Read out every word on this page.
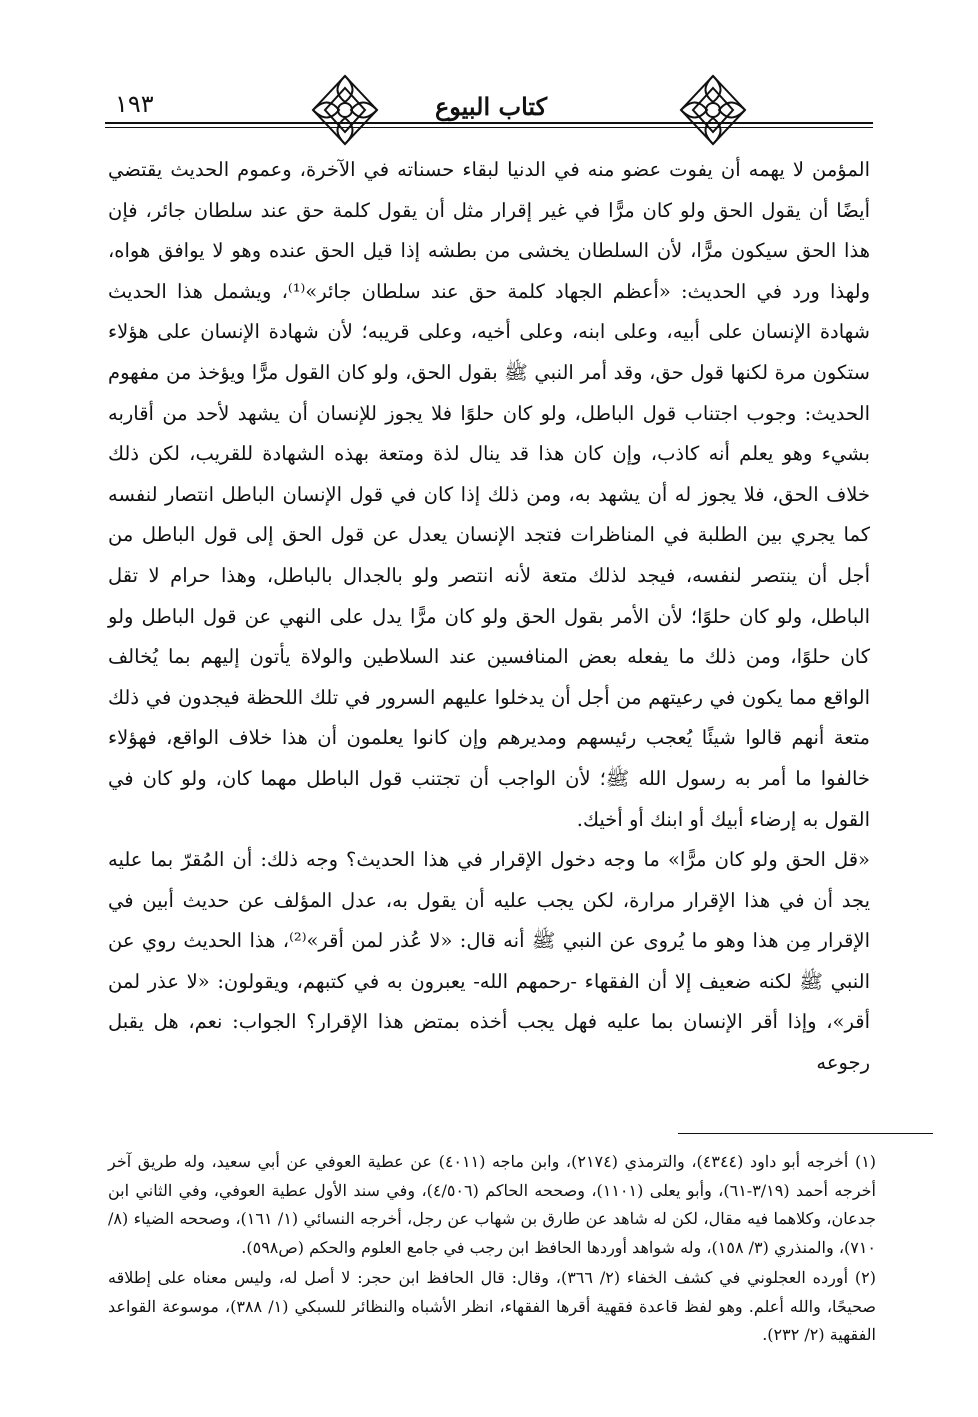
١٩٣	كتاب البيوع

المؤمن لا يهمه أن يفوت عضو منه في الدنيا لبقاء حسناته في الآخرة، وعموم الحديث يقتضي أيضًا أن يقول الحق ولو كان مرًّا في غير إقرار مثل أن يقول كلمة حق عند سلطان جائر، فإن هذا الحق سيكون مرًّا، لأن السلطان يخشى من بطشه إذا قيل الحق عنده وهو لا يوافق هواه، ولهذا ورد في الحديث: «أعظم الجهاد كلمة حق عند سلطان جائر»⁽¹⁾، ويشمل هذا الحديث شهادة الإنسان على أبيه، وعلى ابنه، وعلى أخيه، وعلى قريبه؛ لأن شهادة الإنسان على هؤلاء ستكون مرة لكنها قول حق، وقد أمر النبي ﷺ بقول الحق، ولو كان القول مرًّا ويؤخذ من مفهوم الحديث: وجوب اجتناب قول الباطل، ولو كان حلوًا فلا يجوز للإنسان أن يشهد لأحد من أقاربه بشيء وهو يعلم أنه كاذب، وإن كان هذا قد ينال لذة ومتعة بهذه الشهادة للقريب، لكن ذلك خلاف الحق، فلا يجوز له أن يشهد به، ومن ذلك إذا كان في قول الإنسان الباطل انتصار لنفسه كما يجري بين الطلبة في المناظرات فتجد الإنسان يعدل عن قول الحق إلى قول الباطل من أجل أن ينتصر لنفسه، فيجد لذلك متعة لأنه انتصر ولو بالجدال بالباطل، وهذا حرام لا تقل الباطل، ولو كان حلوًا؛ لأن الأمر بقول الحق ولو كان مرًّا يدل على النهي عن قول الباطل ولو كان حلوًا، ومن ذلك ما يفعله بعض المنافسين عند السلاطين والولاة يأتون إليهم بما يُخالف الواقع مما يكون في رعيتهم من أجل أن يدخلوا عليهم السرور في تلك اللحظة فيجدون في ذلك متعة أنهم قالوا شيئًا يُعجب رئيسهم ومديرهم وإن كانوا يعلمون أن هذا خلاف الواقع، فهؤلاء خالفوا ما أمر به رسول الله ﷺ؛ لأن الواجب أن تجتنب قول الباطل مهما كان، ولو كان في القول به إرضاء أبيك أو ابنك أو أخيك.

«قل الحق ولو كان مرًّا» ما وجه دخول الإقرار في هذا الحديث؟ وجه ذلك: أن المُقرّ بما عليه يجد أن في هذا الإقرار مرارة، لكن يجب عليه أن يقول به، عدل المؤلف عن حديث أبين في الإقرار مِن هذا وهو ما يُروى عن النبي ﷺ أنه قال: «لا عُذر لمن أقر»⁽²⁾، هذا الحديث روي عن النبي ﷺ لكنه ضعيف إلا أن الفقهاء -رحمهم الله- يعبرون به في كتبهم، ويقولون: «لا عذر لمن أقر»، وإذا أقر الإنسان بما عليه فهل يجب أخذه بمتض هذا الإقرار؟ الجواب: نعم، هل يقبل رجوعه

(١) أخرجه أبو داود (٤٣٤٤)، والترمذي (٢١٧٤)، وابن ماجه (٤٠١١) عن عطية العوفي عن أبي سعيد، وله طريق آخر أخرجه أحمد (٣/١٩-٦١)، وأبو يعلى (١١٠١)، وصححه الحاكم (٤/٥٠٦)، وفي سند الأول عطية العوفي، وفي الثاني ابن جدعان، وكلاهما فيه مقال، لكن له شاهد عن طارق بن شهاب عن رجل، أخرجه النسائي (١/ ١٦١)، وصححه الضياء (٨/ ٧١٠)، والمنذري (٣/ ١٥٨)، وله شواهد أوردها الحافظ ابن رجب في جامع العلوم والحكم (ص٥٩٨).

(٢) أورده العجلوني في كشف الخفاء (٢/ ٣٦٦)، وقال: قال الحافظ ابن حجر: لا أصل له، وليس معناه على إطلاقه صحيحًا، والله أعلم. وهو لفظ قاعدة فقهية أقرها الفقهاء، انظر الأشباه والنظائر للسبكي (١/ ٣٨٨)، موسوعة القواعد الفقهية (٢/ ٢٣٢).
